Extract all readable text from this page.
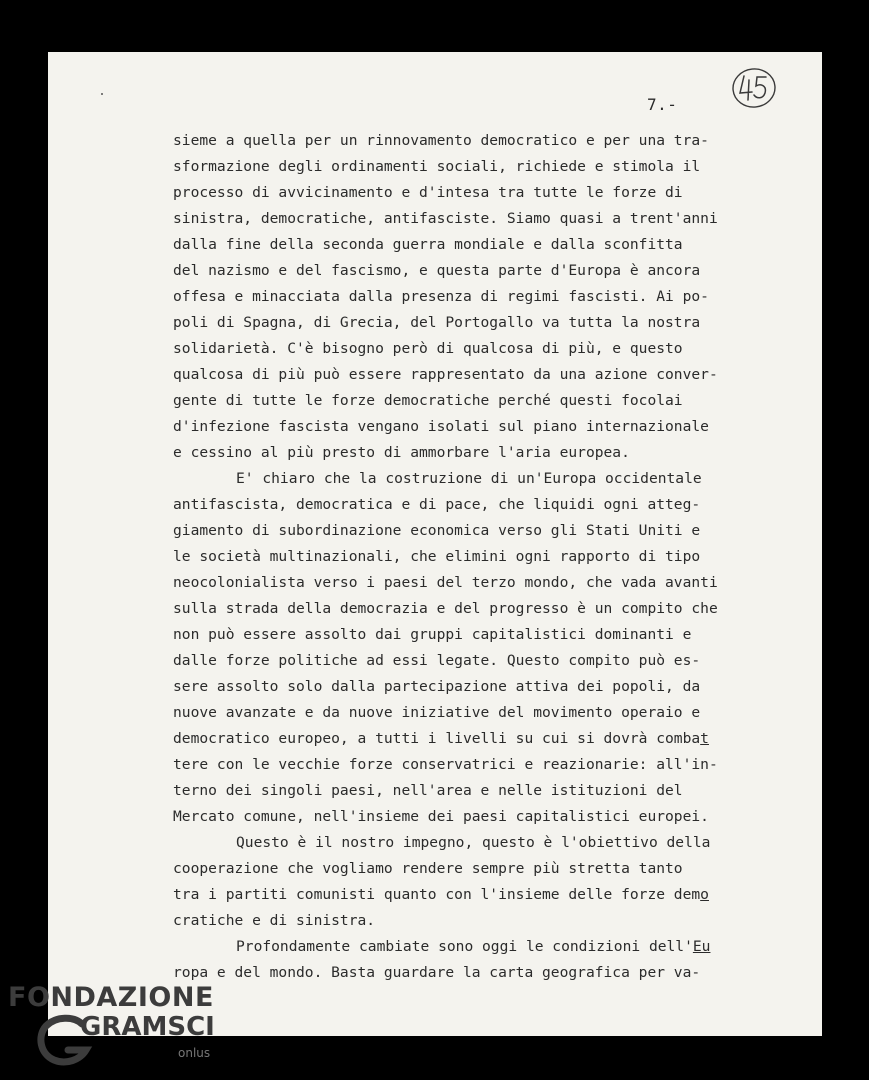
7.-
sieme a quella per un rinnovamento democratico e per una tra-
sformazione degli ordinamenti sociali, richiede e stimola il
processo di avvicinamento e d'intesa tra tutte le forze di
sinistra, democratiche, antifasciste. Siamo quasi a trent'anni
dalla fine della seconda guerra mondiale e dalla sconfitta
del nazismo e del fascismo, e questa parte d'Europa è ancora
offesa e minacciata dalla presenza di regimi fascisti. Ai po-
poli di Spagna, di Grecia, del Portogallo va tutta la nostra
solidarietà. C'è bisogno però di qualcosa di più, e questo
qualcosa di più può essere rappresentato da una azione conver-
gente di tutte le forze democratiche perché questi focolai
d'infezione fascista vengano isolati sul piano internazionale
e cessino al più presto di ammorbare l'aria europea.
E' chiaro che la costruzione di un'Europa occidentale
antifascista, democratica e di pace, che liquidi ogni atteg-
giamento di subordinazione economica verso gli Stati Uniti e
le società multinazionali, che elimini ogni rapporto di tipo
neocolonialista verso i paesi del terzo mondo, che vada avanti
sulla strada della democrazia e del progresso è un compito che
non può essere assolto dai gruppi capitalistici dominanti e
dalle forze politiche ad essi legate. Questo compito può es-
sere assolto solo dalla partecipazione attiva dei popoli, da
nuove avanzate e da nuove iniziative del movimento operaio e
democratico europeo, a tutti i livelli su cui si dovrà combat
tere con le vecchie forze conservatrici e reazionarie: all'in-
terno dei singoli paesi, nell'area e nelle istituzioni del
Mercato comune, nell'insieme dei paesi capitalistici europei.
Questo è il nostro impegno, questo è l'obiettivo della
cooperazione che vogliamo rendere sempre più stretta tanto
tra i partiti comunisti quanto con l'insieme delle forze demo
cratiche e di sinistra.
Profondamente cambiate sono oggi le condizioni dell'Eu
ropa e del mondo. Basta guardare la carta geografica per va-
FONDAZIONE
GRAMSCI
onlus
